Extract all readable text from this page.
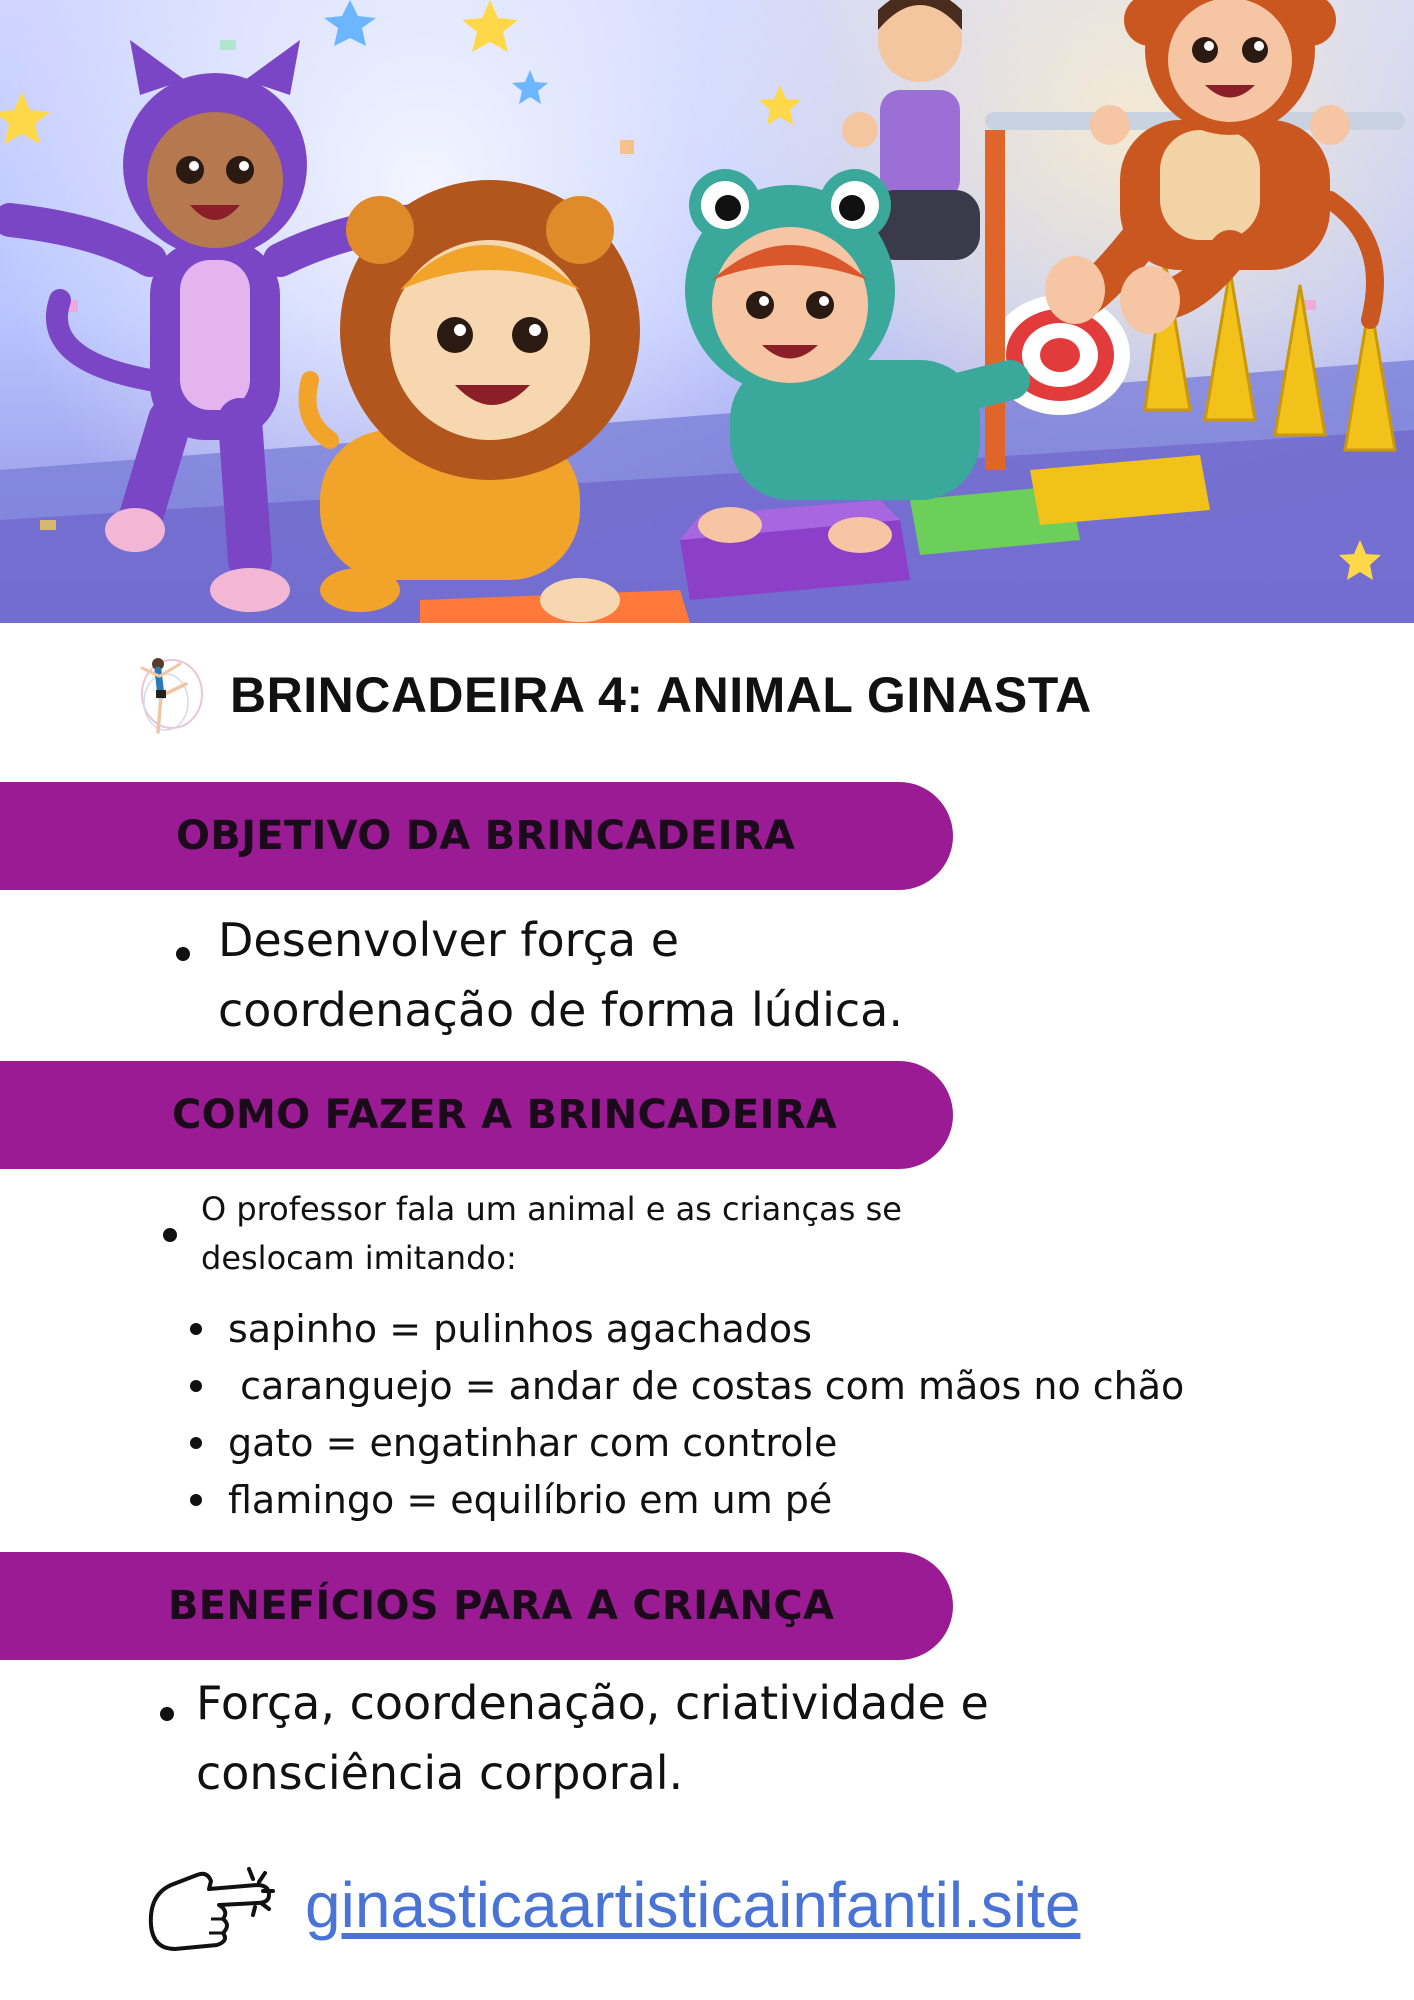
BRINCADEIRA 4: ANIMAL GINASTA
OBJETIVO DA BRINCADEIRA
Desenvolver força e
coordenação de forma lúdica.
COMO FAZER A BRINCADEIRA
O professor fala um animal e as crianças se
deslocam imitando:
sapinho = pulinhos agachados
caranguejo = andar de costas com mãos no chão
gato = engatinhar com controle
flamingo = equilíbrio em um pé
BENEFÍCIOS PARA A CRIANÇA
Força, coordenação, criatividade e
consciência corporal.
ginasticaartisticainfantil.site
